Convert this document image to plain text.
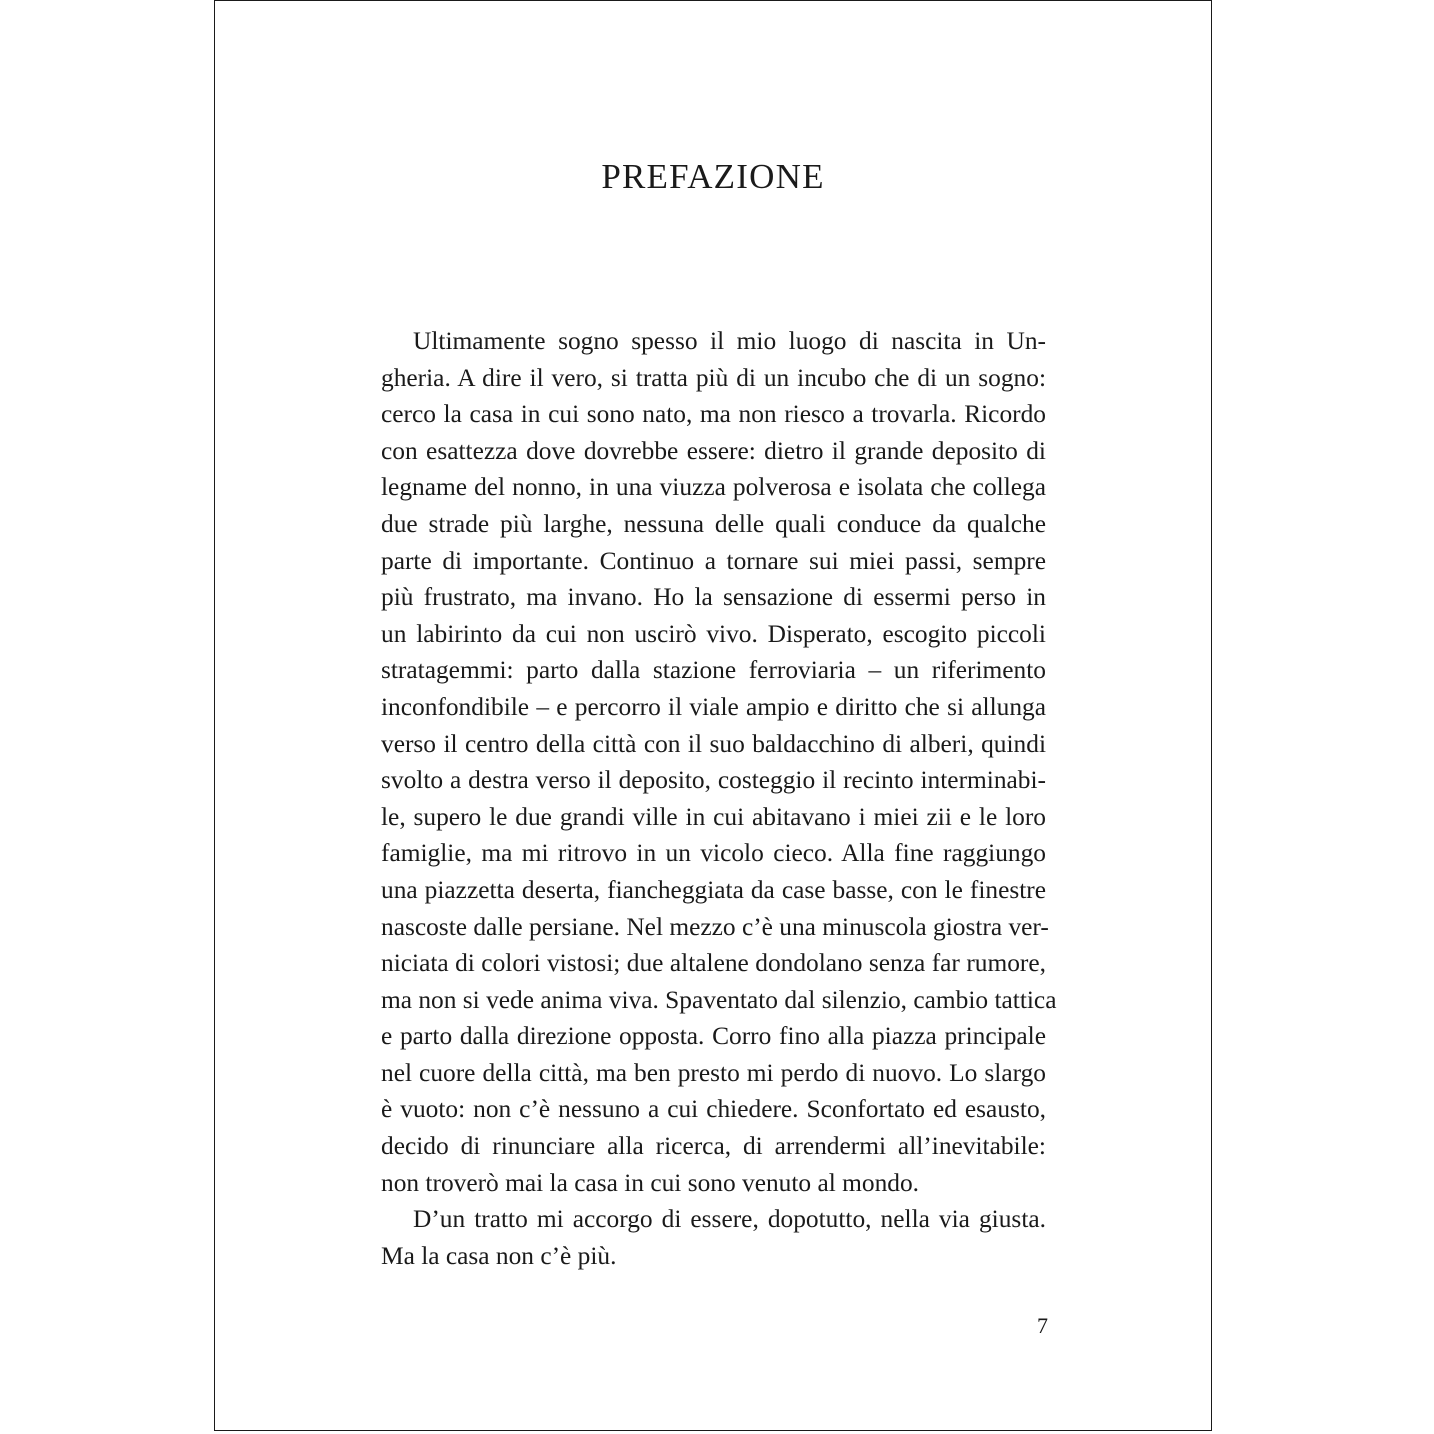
PREFAZIONE
Ultimamente sogno spesso il mio luogo di nascita in Un-
gheria. A dire il vero, si tratta più di un incubo che di un sogno:
cerco la casa in cui sono nato, ma non riesco a trovarla. Ricordo
con esattezza dove dovrebbe essere: dietro il grande deposito di
legname del nonno, in una viuzza polverosa e isolata che collega
due strade più larghe, nessuna delle quali conduce da qualche
parte di importante. Continuo a tornare sui miei passi, sempre
più frustrato, ma invano. Ho la sensazione di essermi perso in
un labirinto da cui non uscirò vivo. Disperato, escogito piccoli
stratagemmi: parto dalla stazione ferroviaria – un riferimento
inconfondibile – e percorro il viale ampio e diritto che si allunga
verso il centro della città con il suo baldacchino di alberi, quindi
svolto a destra verso il deposito, costeggio il recinto interminabi-
le, supero le due grandi ville in cui abitavano i miei zii e le loro
famiglie, ma mi ritrovo in un vicolo cieco. Alla fine raggiungo
una piazzetta deserta, fiancheggiata da case basse, con le finestre
nascoste dalle persiane. Nel mezzo c’è una minuscola giostra ver-
niciata di colori vistosi; due altalene dondolano senza far rumore,
ma non si vede anima viva. Spaventato dal silenzio, cambio tattica
e parto dalla direzione opposta. Corro fino alla piazza principale
nel cuore della città, ma ben presto mi perdo di nuovo. Lo slargo
è vuoto: non c’è nessuno a cui chiedere. Sconfortato ed esausto,
decido di rinunciare alla ricerca, di arrendermi all’inevitabile:
non troverò mai la casa in cui sono venuto al mondo.
D’un tratto mi accorgo di essere, dopotutto, nella via giusta.
Ma la casa non c’è più.
7
